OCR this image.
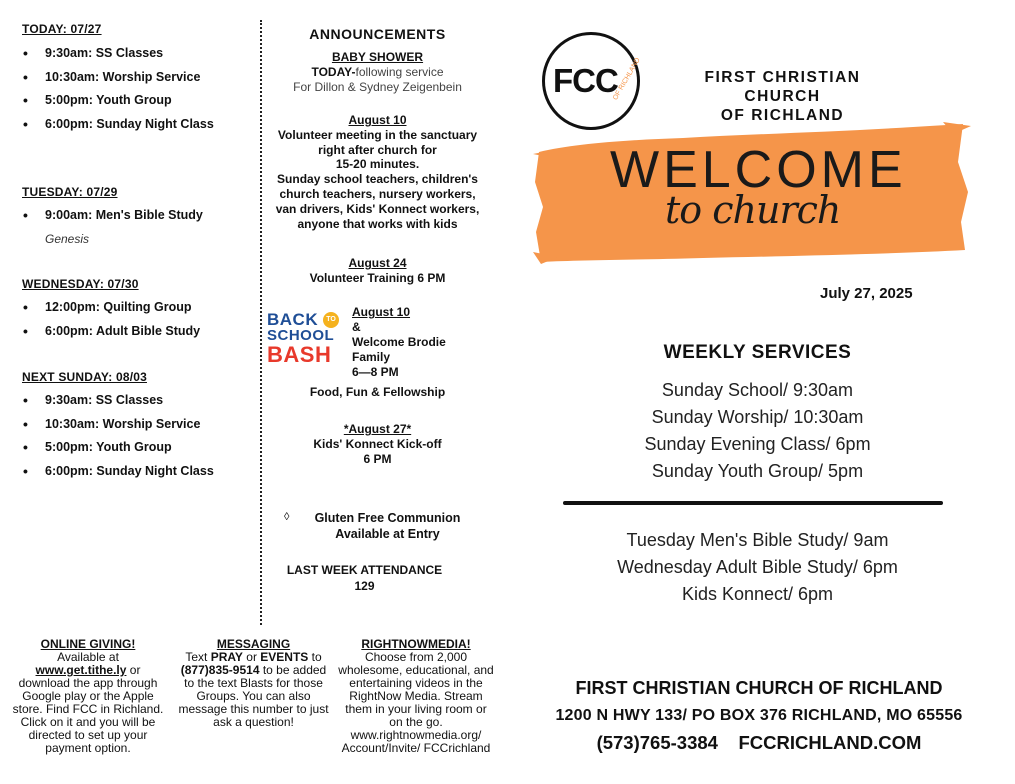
TODAY: 07/27
• 9:30am: SS Classes
• 10:30am: Worship Service
• 5:00pm: Youth Group
• 6:00pm: Sunday Night Class
TUESDAY: 07/29
• 9:00am: Men's Bible Study
Genesis
WEDNESDAY: 07/30
• 12:00pm: Quilting Group
• 6:00pm: Adult Bible Study
NEXT SUNDAY: 08/03
• 9:30am: SS Classes
• 10:30am: Worship Service
• 5:00pm: Youth Group
• 6:00pm: Sunday Night Class
ANNOUNCEMENTS
BABY SHOWER
TODAY-following service
For Dillon & Sydney Zeigenbein
August 10
Volunteer meeting in the sanctuary
right after church for
15-20 minutes.
Sunday school teachers, children's
church teachers, nursery workers,
van drivers, Kids' Konnect workers,
anyone that works with kids
August 24
Volunteer Training 6 PM
BACK	TO
SCHOOL
BASH
August 10
&
Welcome Brodie
Family
6—8 PM
Food, Fun & Fellowship
*August 27*
Kids' Konnect Kick-off
6 PM
◊	Gluten Free Communion
Available at Entry
LAST WEEK ATTENDANCE
129
ONLINE GIVING!
Available at
www.get.tithe.ly or download the app through Google play or the Apple store. Find FCC in Richland. Click on it and you will be directed to set up your payment option.
MESSAGING
Text PRAY or EVENTS to (877)835-9514 to be added to the text Blasts for those Groups. You can also message this number to just ask a question!
RIGHTNOWMEDIA!
Choose from 2,000 wholesome, educational, and entertaining videos in the RightNow Media. Stream them in your living room or on the go. www.rightnowmedia.org/ Account/Invite/ FCCrichland
FCC
OF RICHLAND	FIRST CHRISTIAN CHURCH
OF RICHLAND
WELCOME
to church
July 27, 2025
WEEKLY SERVICES
Sunday School/ 9:30am
Sunday Worship/ 10:30am
Sunday Evening Class/ 6pm
Sunday Youth Group/ 5pm
Tuesday Men's Bible Study/ 9am
Wednesday Adult Bible Study/ 6pm
Kids Konnect/ 6pm
FIRST CHRISTIAN CHURCH OF RICHLAND
1200 N HWY 133/ PO BOX 376 RICHLAND, MO 65556
(573)765-3384    FCCRICHLAND.COM
